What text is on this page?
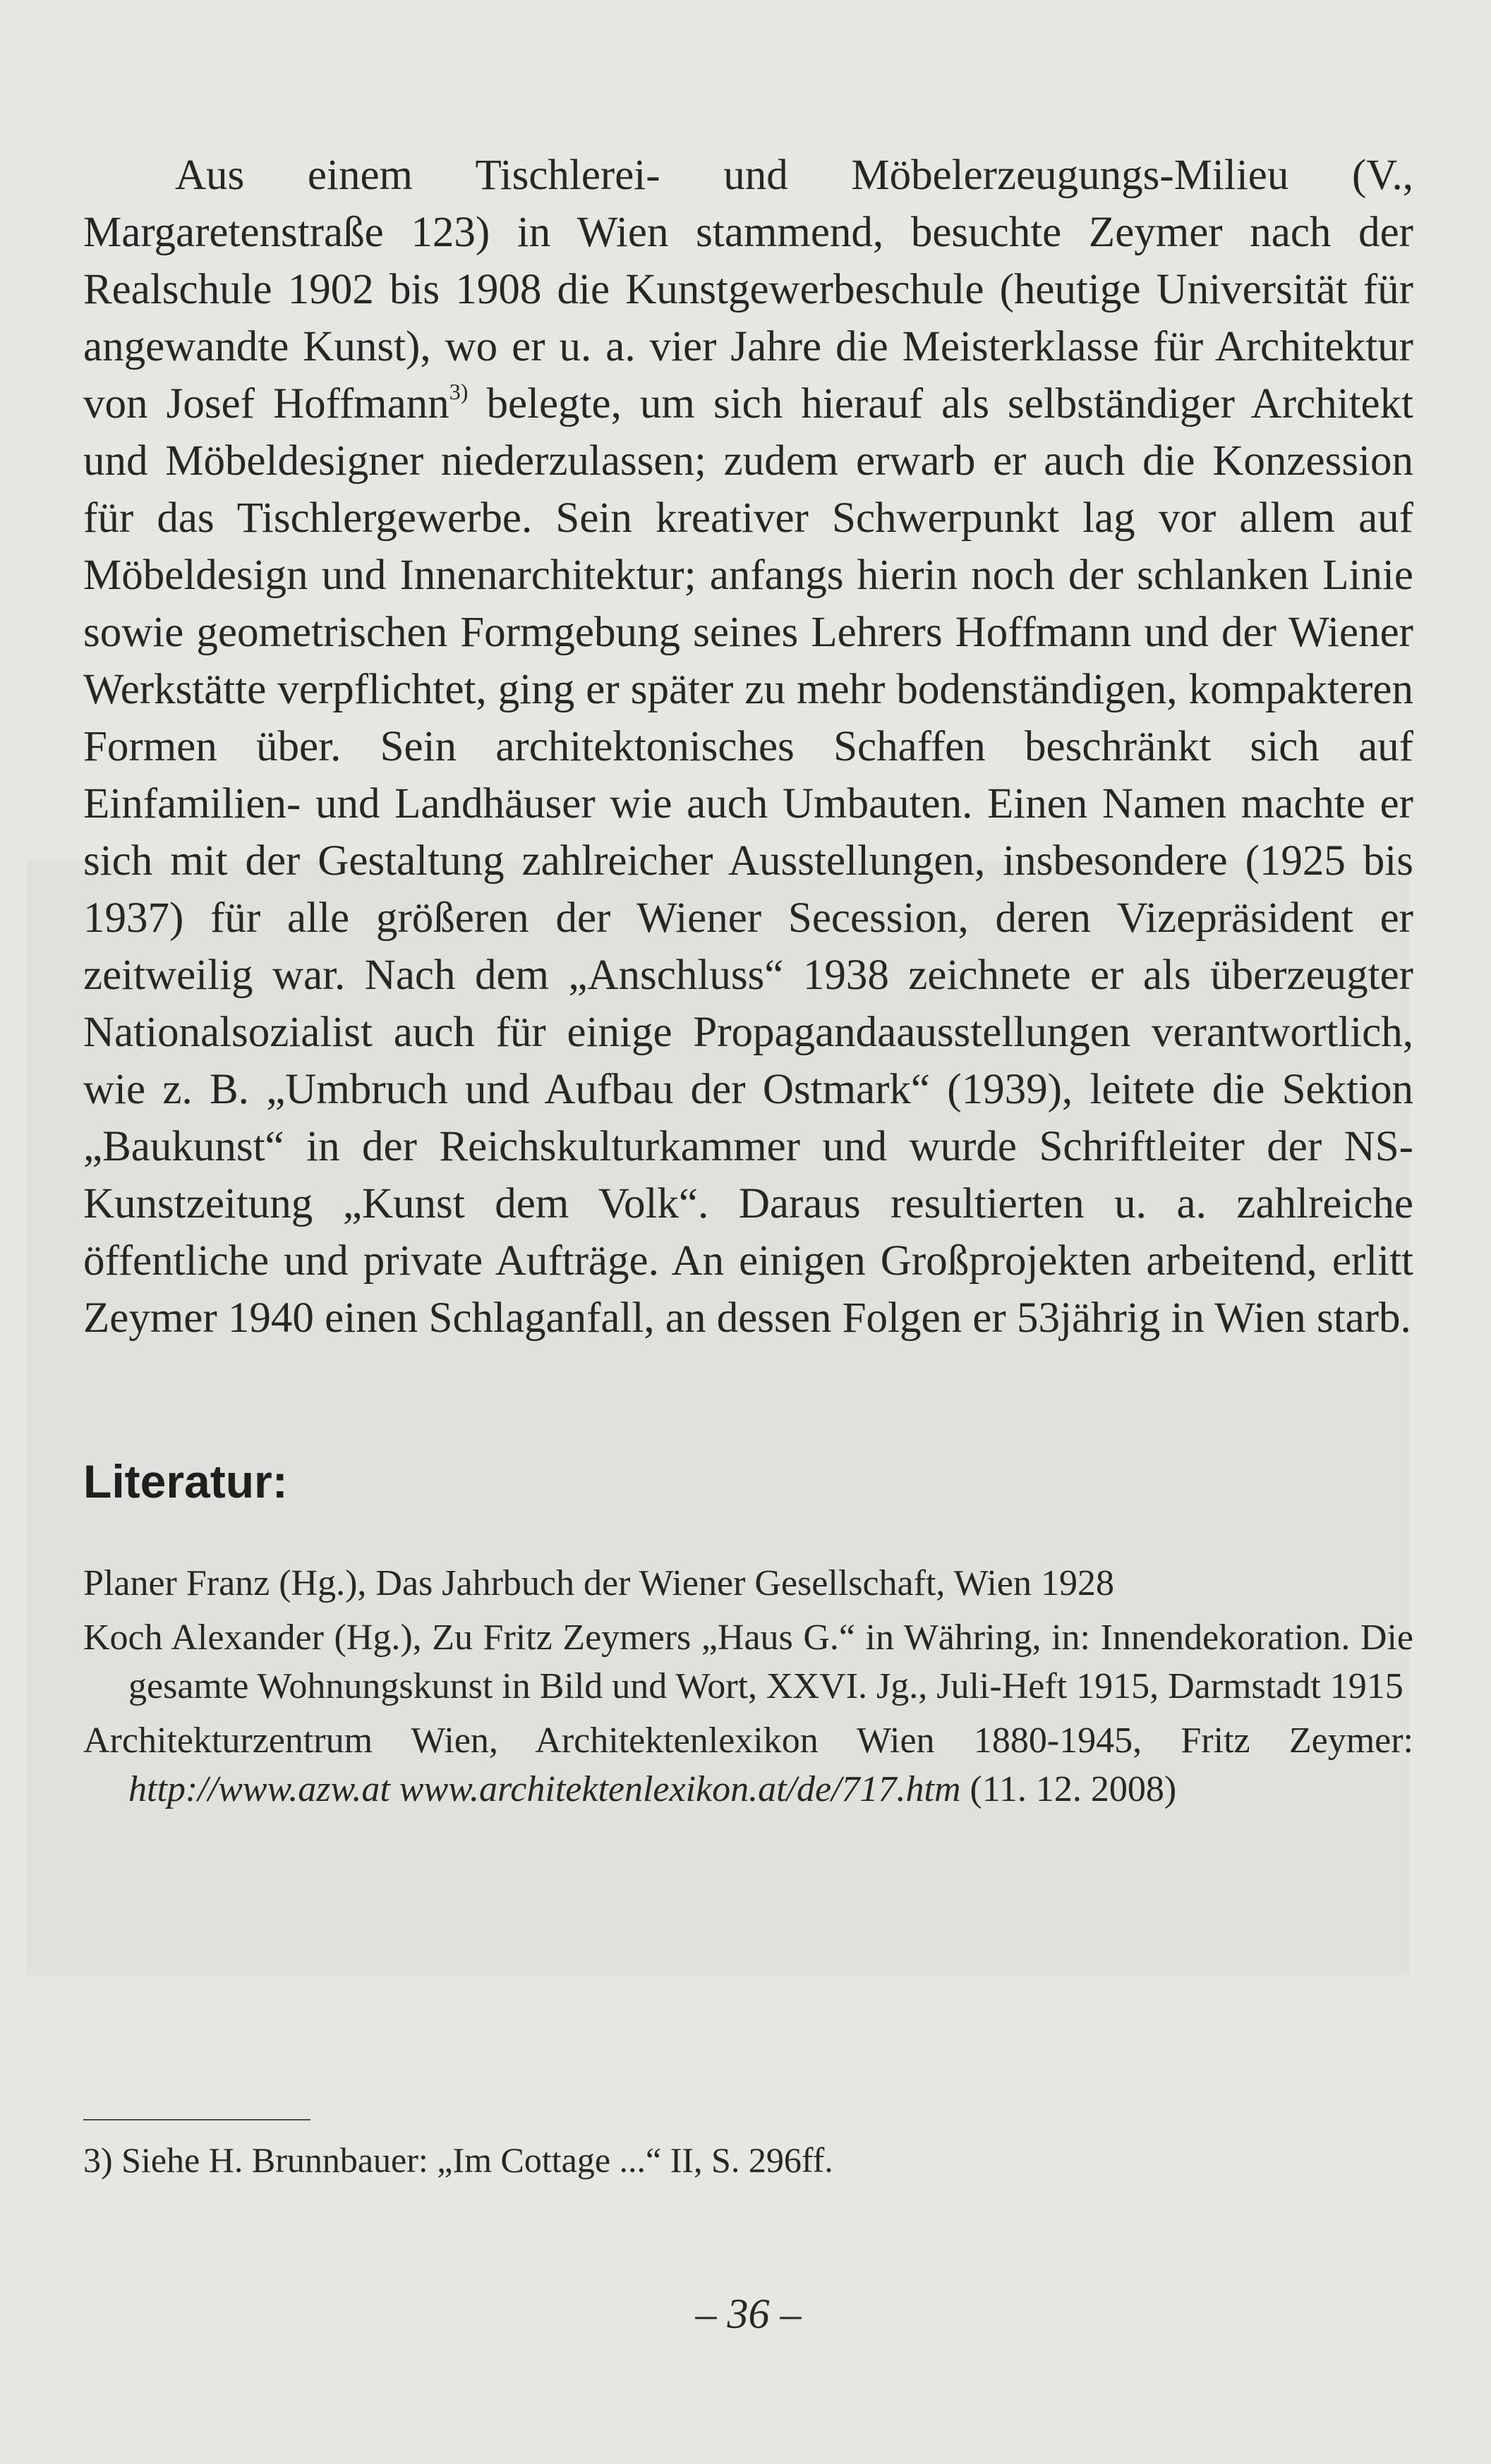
Aus einem Tischlerei- und Möbelerzeugungs-Milieu (V., Margaretenstraße 123) in Wien stammend, besuchte Zeymer nach der Realschule 1902 bis 1908 die Kunstgewerbeschule (heutige Universität für angewandte Kunst), wo er u. a. vier Jahre die Meisterklasse für Architektur von Josef Hoffmann$^{3)}$ belegte, um sich hierauf als selbständiger Architekt und Möbeldesigner niederzulassen; zudem erwarb er auch die Konzession für das Tischlergewerbe. Sein kreativer Schwerpunkt lag vor allem auf Möbeldesign und Innenarchitektur; anfangs hierin noch der schlanken Linie sowie geometrischen Formgebung seines Lehrers Hoffmann und der Wiener Werkstätte verpflichtet, ging er später zu mehr bodenständigen, kompakteren Formen über. Sein architektonisches Schaffen beschränkt sich auf Einfamilien- und Landhäuser wie auch Umbauten. Einen Namen machte er sich mit der Gestaltung zahlreicher Ausstellungen, insbesondere (1925 bis 1937) für alle größeren der Wiener Secession, deren Vizepräsident er zeitweilig war. Nach dem „Anschluss“ 1938 zeichnete er als überzeugter Nationalsozialist auch für einige Propagandaausstellungen verantwortlich, wie z. B. „Umbruch und Aufbau der Ostmark“ (1939), leitete die Sektion „Baukunst“ in der Reichskulturkammer und wurde Schriftleiter der NS-Kunstzeitung „Kunst dem Volk“. Daraus resultierten u. a. zahlreiche öffentliche und private Aufträge. An einigen Großprojekten arbeitend, erlitt Zeymer 1940 einen Schlaganfall, an dessen Folgen er 53jährig in Wien starb.

Literatur:
Planer Franz (Hg.), Das Jahrbuch der Wiener Gesellschaft, Wien 1928
Koch Alexander (Hg.), Zu Fritz Zeymers „Haus G.“ in Währing, in: Innendekoration. Die gesamte Wohnungskunst in Bild und Wort, XXVI. Jg., Juli-Heft 1915, Darmstadt 1915
Architekturzentrum Wien, Architektenlexikon Wien 1880-1945, Fritz Zeymer: http://www.azw.at www.architektenlexikon.at/de/717.htm (11. 12. 2008)

3) Siehe H. Brunnbauer: „Im Cottage ...“ II, S. 296ff.

– 36 –
